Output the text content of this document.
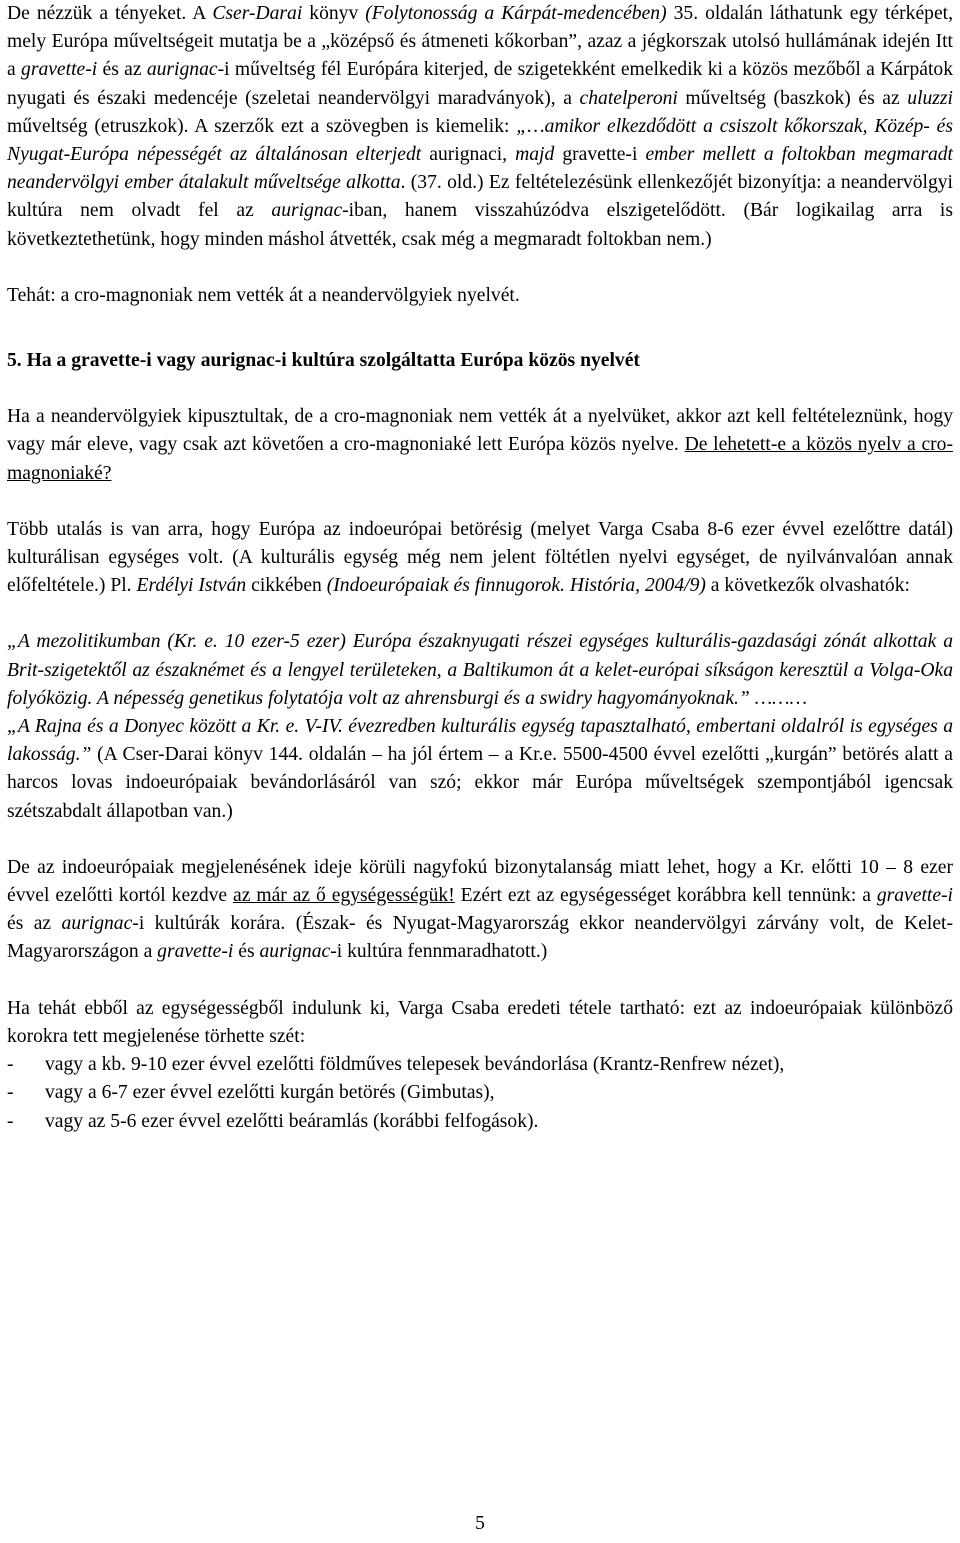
De nézzük a tényeket. A Cser-Darai könyv (Folytonosság a Kárpát-medencében) 35. oldalán láthatunk egy térképet, mely Európa műveltségeit mutatja be a „középső és átmeneti kőkorban”, azaz a jégkorszak utolsó hullámának idején Itt a gravette-i és az aurignac-i műveltség fél Európára kiterjed, de szigetekként emelkedik ki a közös mezőből a Kárpátok nyugati és északi medencéje (szeletai neandervölgyi maradványok), a chatelperoni műveltség (baszkok) és az uluzzi műveltség (etruszkok). A szerzők ezt a szövegben is kiemelik: „…amikor elkezdődött a csiszolt kőkorszak, Közép- és Nyugat-Európa népességét az általánosan elterjedt aurignaci, majd gravette-i ember mellett a foltokban megmaradt neandervölgyi ember átalakult műveltsége alkotta. (37. old.) Ez feltételezésünk ellenkezőjét bizonyítja: a neandervölgyi kultúra nem olvadt fel az aurignac-iban, hanem visszahúzódva elszigetelődött. (Bár logikailag arra is következtethetünk, hogy minden máshol átvették, csak még a megmaradt foltokban nem.)

Tehát: a cro-magnoniak nem vették át a neandervölgyiek nyelvét.

5. Ha a gravette-i vagy aurignac-i kultúra szolgáltatta Európa közös nyelvét

Ha a neandervölgyiek kipusztultak, de a cro-magnoniak nem vették át a nyelvüket, akkor azt kell feltételeznünk, hogy vagy már eleve, vagy csak azt követően a cro-magnoniaké lett Európa közös nyelve. De lehetett-e a közös nyelv a cro-magnoniaké?

Több utalás is van arra, hogy Európa az indoeurópai betörésig (melyet Varga Csaba 8-6 ezer évvel ezelőttre datál) kulturálisan egységes volt. (A kulturális egység még nem jelent föltétlen nyelvi egységet, de nyilvánvalóan annak előfeltétele.) Pl. Erdélyi István cikkében (Indoeurópaiak és finnugorok. História, 2004/9) a következők olvashatók:

„A mezolitikumban (Kr. e. 10 ezer-5 ezer) Európa északnyugati részei egységes kulturális-gazdasági zónát alkottak a Brit-szigetektől az északnémet és a lengyel területeken, a Baltikumon át a kelet-európai síkságon keresztül a Volga-Oka folyóközig. A népesség genetikus folytatója volt az ahrensburgi és a swidry hagyományoknak.” ………
„A Rajna és a Donyec között a Kr. e. V-IV. évezredben kulturális egység tapasztalható, embertani oldalról is egységes a lakosság.” (A Cser-Darai könyv 144. oldalán – ha jól értem – a Kr.e. 5500-4500 évvel ezelőtti „kurgán” betörés alatt a harcos lovas indoeurópaiak bevándorlásáról van szó; ekkor már Európa műveltségek szempontjából igencsak szétszabdalt állapotban van.)

De az indoeurópaiak megjelenésének ideje körüli nagyfokú bizonytalanság miatt lehet, hogy a Kr. előtti 10 – 8 ezer évvel ezelőtti kortól kezdve az már az ő egységességük! Ezért ezt az egységességet korábbra kell tennünk: a gravette-i és az aurignac-i kultúrák korára. (Észak- és Nyugat-Magyarország ekkor neandervölgyi zárvány volt, de Kelet-Magyarországon a gravette-i és aurignac-i kultúra fennmaradhatott.)

Ha tehát ebből az egységességből indulunk ki, Varga Csaba eredeti tétele tartható: ezt az indoeurópaiak különböző korokra tett megjelenése törhette szét:

- vagy a kb. 9-10 ezer évvel ezelőtti földműves telepesek bevándorlása (Krantz-Renfrew nézet),
- vagy a 6-7 ezer évvel ezelőtti kurgán betörés (Gimbutas),
- vagy az 5-6 ezer évvel ezelőtti beáramlás (korábbi felfogások).
5
